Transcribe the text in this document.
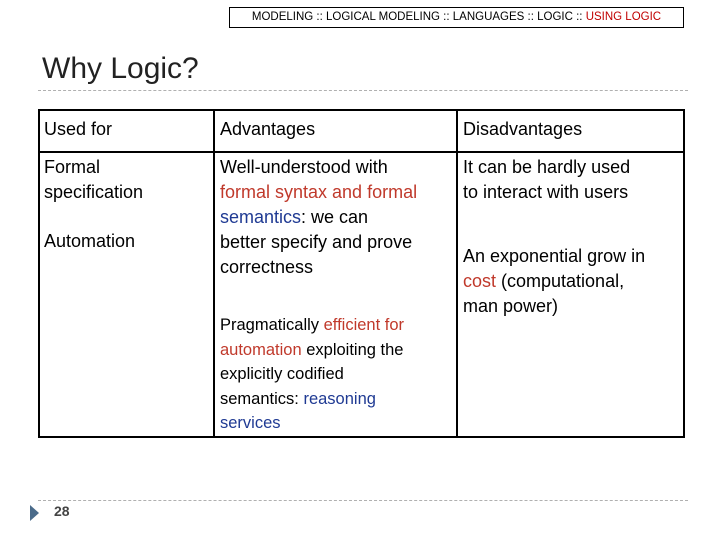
MODELING :: LOGICAL MODELING :: LANGUAGES :: LOGIC :: USING LOGIC
Why Logic?
Used for
Formal
specification
Automation
Advantages
Well-understood with
formal syntax and formal
semantics: we can
better specify and prove
correctness
Pragmatically efficient for
automation exploiting the
explicitly codified
semantics: reasoning
services
Disadvantages
It can be hardly used
to interact with users
An exponential grow in
cost (computational,
man power)
28
